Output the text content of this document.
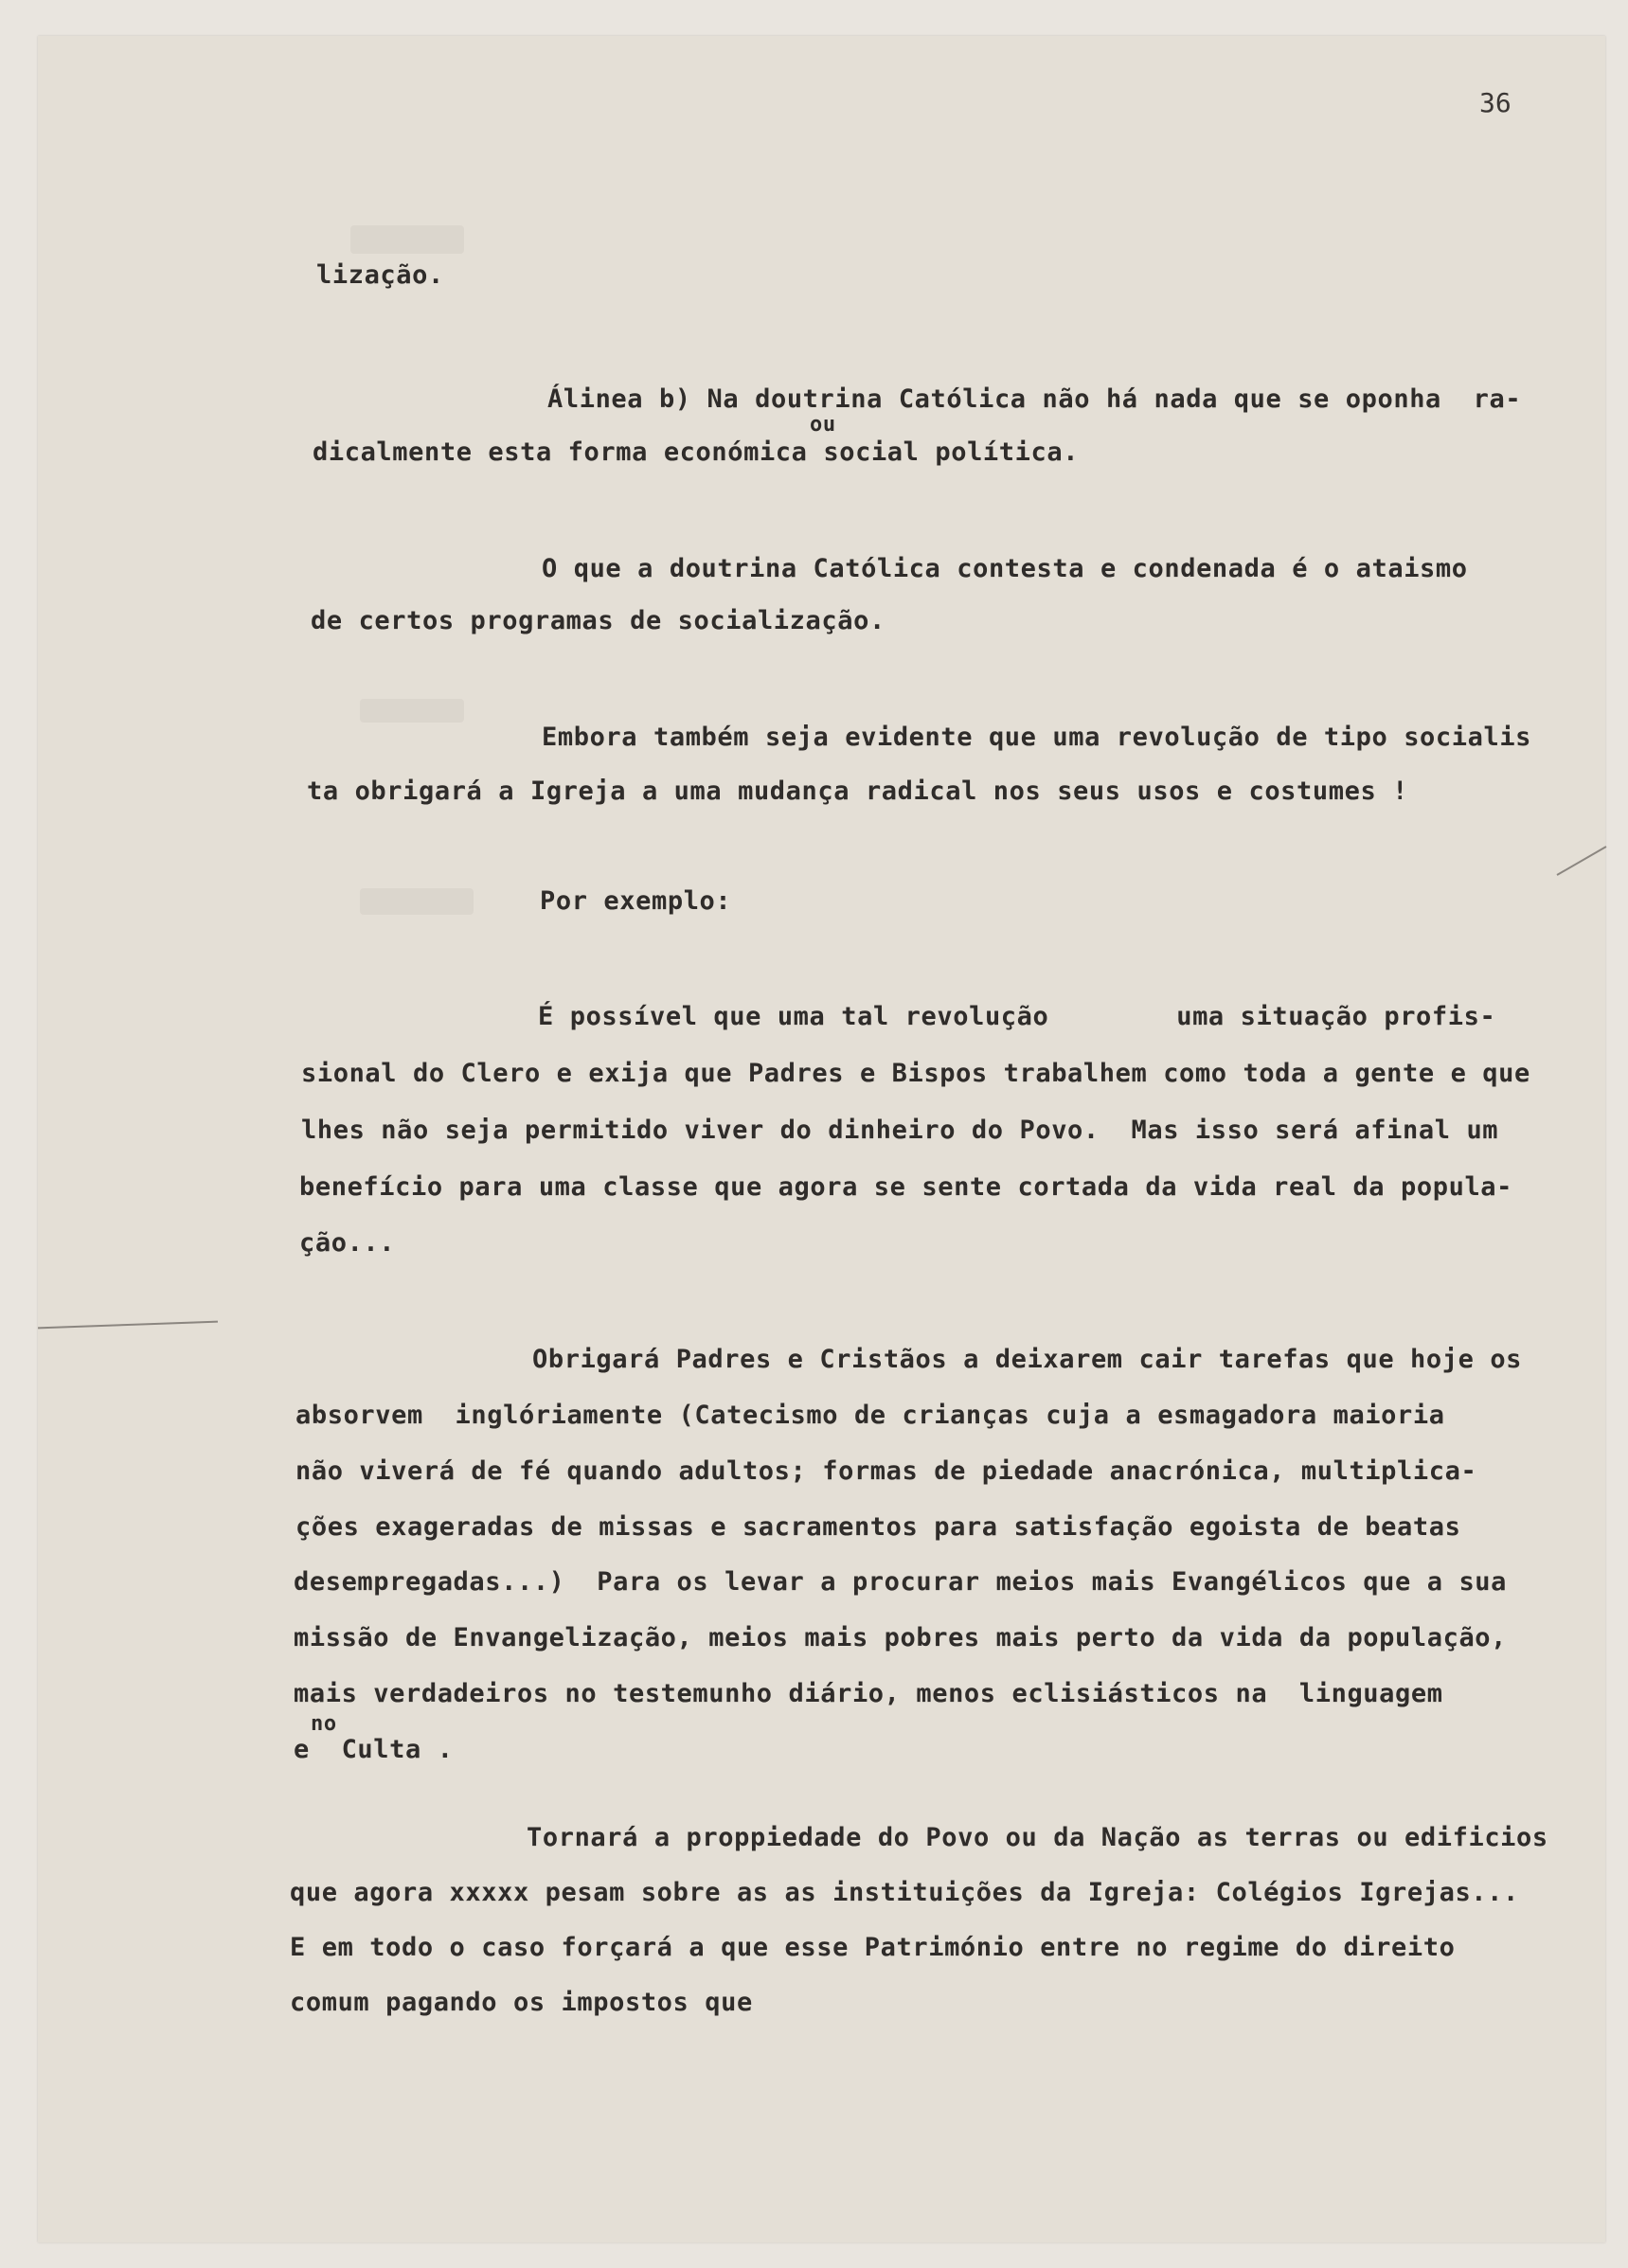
36
lização.
Álinea b) Na doutrina Católica não há nada que se oponha  ra-
ou
dicalmente esta forma económica social política.
O que a doutrina Católica contesta e condenada é o ataismo
de certos programas de socialização.
Embora também seja evidente que uma revolução de tipo socialis
ta obrigará a Igreja a uma mudança radical nos seus usos e costumes !
Por exemplo:
É possível que uma tal revolução        uma situação profis-
sional do Clero e exija que Padres e Bispos trabalhem como toda a gente e que
lhes não seja permitido viver do dinheiro do Povo.  Mas isso será afinal um
benefício para uma classe que agora se sente cortada da vida real da popula-
ção...
Obrigará Padres e Cristãos a deixarem cair tarefas que hoje os
absorvem  inglóriamente (Catecismo de crianças cuja a esmagadora maioria
não viverá de fé quando adultos; formas de piedade anacrónica, multiplica-
ções exageradas de missas e sacramentos para satisfação egoista de beatas
desempregadas...)  Para os levar a procurar meios mais Evangélicos que a sua
missão de Envangelização, meios mais pobres mais perto da vida da população,
mais verdadeiros no testemunho diário, menos eclisiásticos na  linguagem
no
e  Culta .
Tornará a proppiedade do Povo ou da Nação as terras ou edificios
que agora xxxxx pesam sobre as as instituições da Igreja: Colégios Igrejas...
E em todo o caso forçará a que esse Património entre no regime do direito
comum pagando os impostos que
